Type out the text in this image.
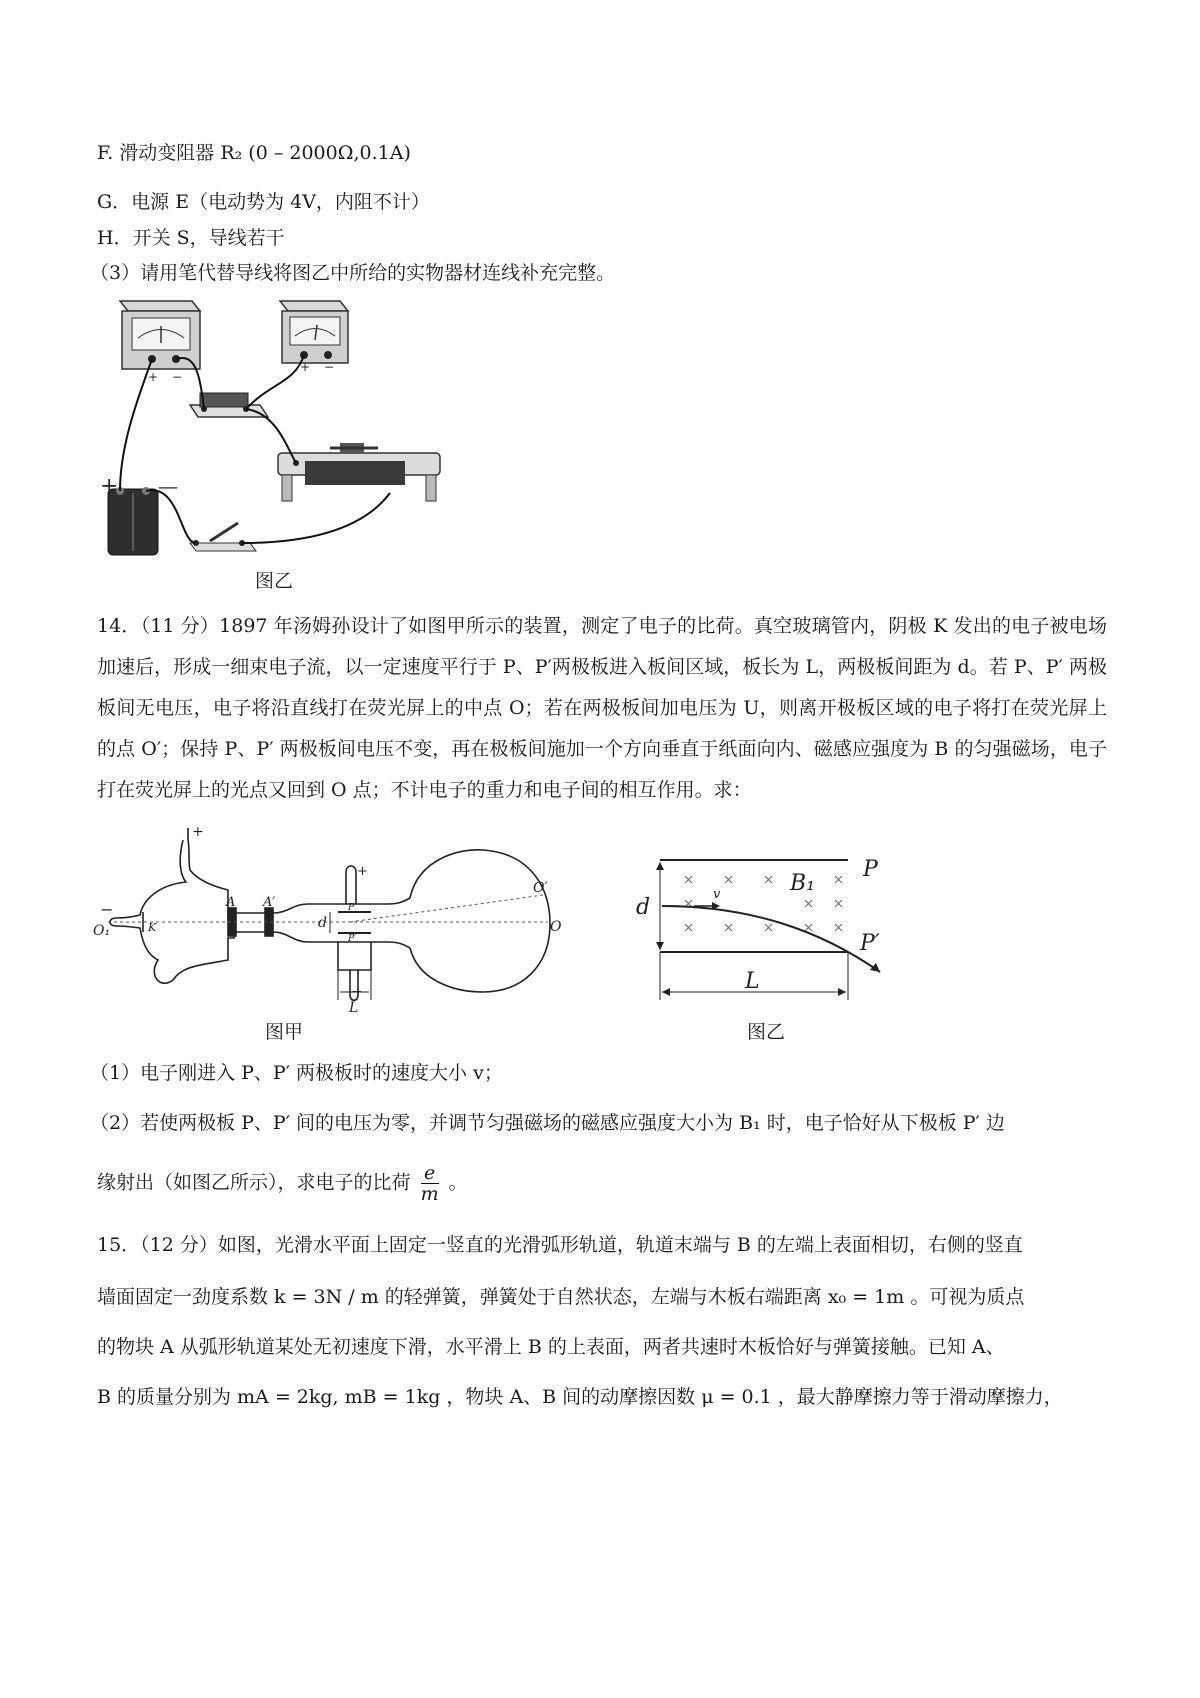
F. 滑动变阻器 R₂ (0 – 2000Ω,0.1A)
G．电源 E（电动势为 4V，内阻不计）
H．开关 S，导线若干
（3）请用笔代替导线将图乙中所给的实物器材连线补充完整。
+ −
+ −
+ —
图乙
14．（11 分）1897 年汤姆孙设计了如图甲所示的装置，测定了电子的比荷。真空玻璃管内，阴极 K 发出的电子被电场加速后，形成一细束电子流，以一定速度平行于 P、P′两极板进入板间区域，板长为 L，两极板间距为 d。若 P、P′ 两极板间无电压，电子将沿直线打在荧光屏上的中点 O；若在两极板间加电压为 U，则离开极板区域的电子将打在荧光屏上的点 O′；保持 P、P′ 两极板间电压不变，再在极板间施加一个方向垂直于纸面向内、磁感应强度为 B 的匀强磁场，电子打在荧光屏上的光点又回到 O 点；不计电子的重力和电子间的相互作用。求：
+
−
O₁	K
A A′
d
P
P′
+
−
O′
O
L
图甲
P
B₁
v
d
P′
L
图乙
（1）电子刚进入 P、P′ 两极板时的速度大小 v；
（2）若使两极板 P、P′ 间的电压为零，并调节匀强磁场的磁感应强度大小为 B₁ 时，电子恰好从下极板 P′ 边
缘射出（如图乙所示），求电子的比荷 $\frac{e}{m}$ 。
15．（12 分）如图，光滑水平面上固定一竖直的光滑弧形轨道，轨道末端与 B 的左端上表面相切，右侧的竖直
墙面固定一劲度系数 k = 3N / m 的轻弹簧，弹簧处于自然状态，左端与木板右端距离 x₀ = 1m 。可视为质点
的物块 A 从弧形轨道某处无初速度下滑，水平滑上 B 的上表面，两者共速时木板恰好与弹簧接触。已知 A、
B 的质量分别为 mA = 2kg, mB = 1kg ，物块 A、B 间的动摩擦因数 μ = 0.1 ，最大静摩擦力等于滑动摩擦力，
